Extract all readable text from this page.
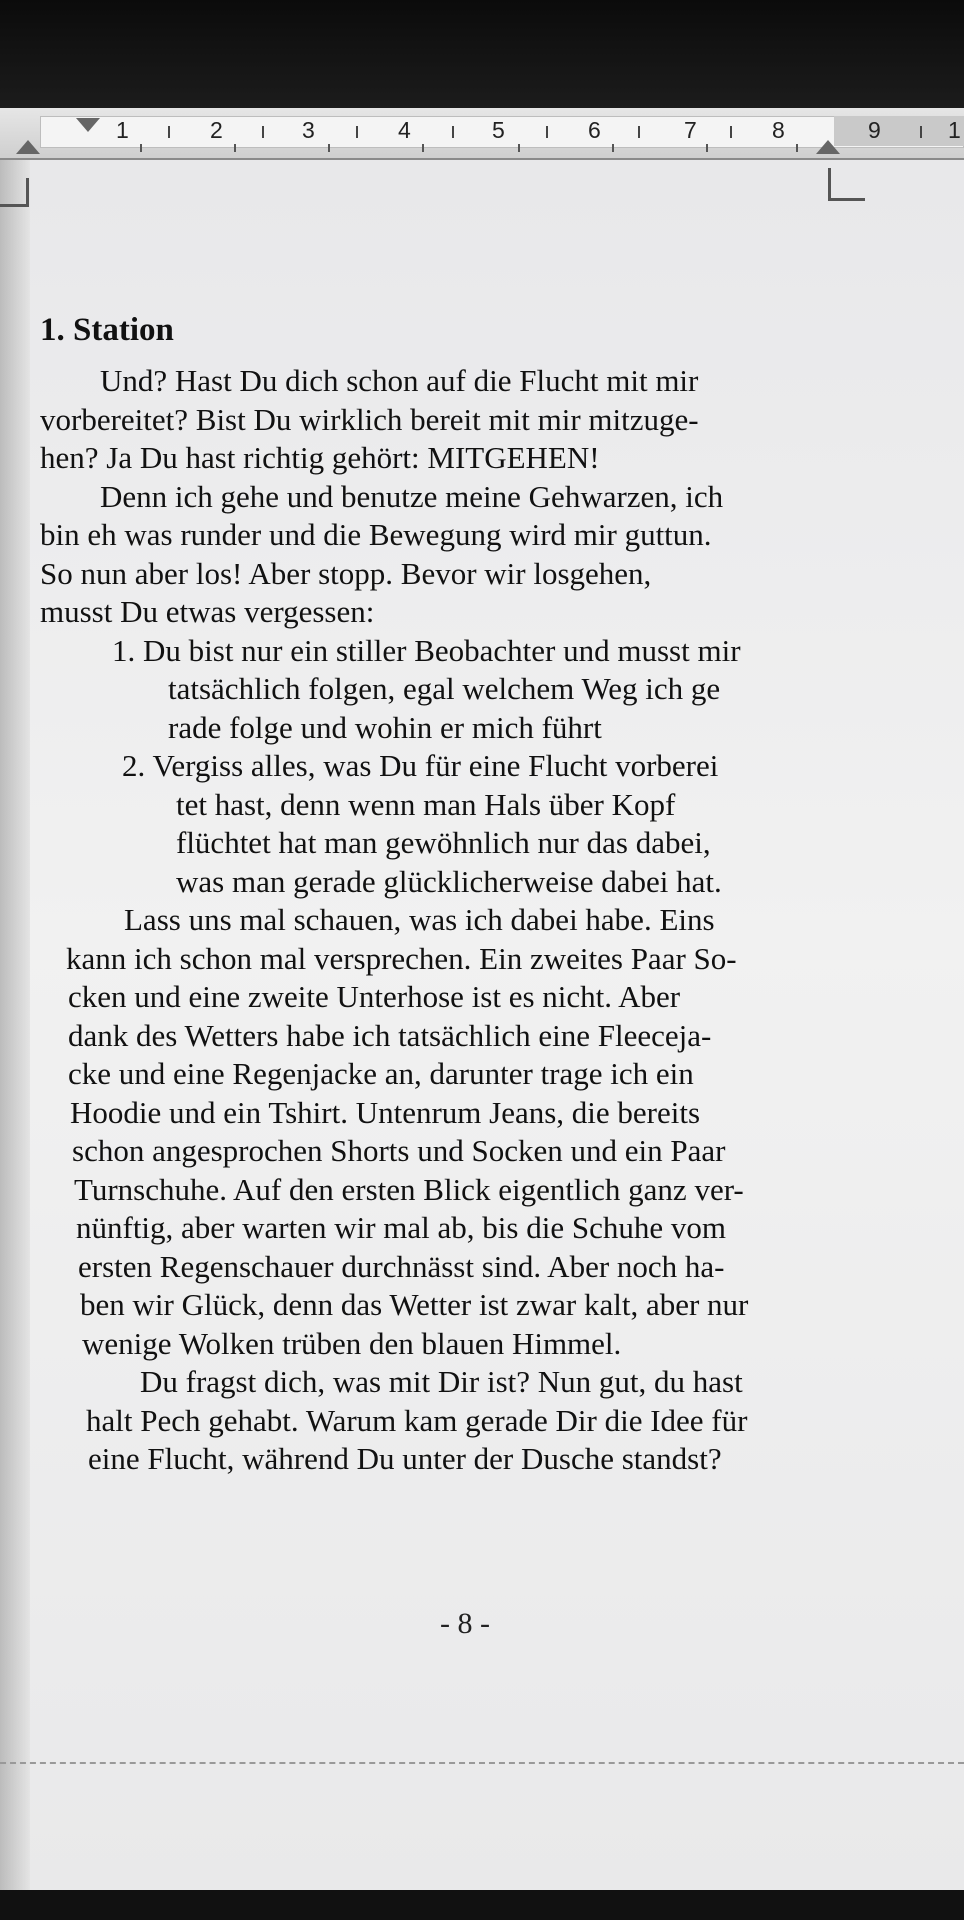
1	2	3	4	5	6	7	8	9	1

1. Station

Und? Hast Du dich schon auf die Flucht mit mir

vorbereitet? Bist Du wirklich bereit mit mir mitzuge-

hen? Ja Du hast richtig gehört: MITGEHEN!

Denn ich gehe und benutze meine Gehwarzen, ich

bin eh was runder und die Bewegung wird mir guttun.

So nun aber los! Aber stopp. Bevor wir losgehen,

musst Du etwas vergessen:

1. Du bist nur ein stiller Beobachter und musst mir

tatsächlich folgen, egal welchem Weg ich ge

rade folge und wohin er mich führt

2. Vergiss alles, was Du für eine Flucht vorberei

tet hast, denn wenn man Hals über Kopf

flüchtet hat man gewöhnlich nur das dabei,

was man gerade glücklicherweise dabei hat.

Lass uns mal schauen, was ich dabei habe. Eins

kann ich schon mal versprechen. Ein zweites Paar So-

cken und eine zweite Unterhose ist es nicht. Aber

dank des Wetters habe ich tatsächlich eine Fleeceja-

cke und eine Regenjacke an, darunter trage ich ein

Hoodie und ein Tshirt. Untenrum Jeans, die bereits

schon angesprochen Shorts und Socken und ein Paar

Turnschuhe. Auf den ersten Blick eigentlich ganz ver-

nünftig, aber warten wir mal ab, bis die Schuhe vom

ersten Regenschauer durchnässt sind. Aber noch ha-

ben wir Glück, denn das Wetter ist zwar kalt, aber nur

wenige Wolken trüben den blauen Himmel.

Du fragst dich, was mit Dir ist? Nun gut, du hast

halt Pech gehabt. Warum kam gerade Dir die Idee für

eine Flucht, während Du unter der Dusche standst?

- 8 -
